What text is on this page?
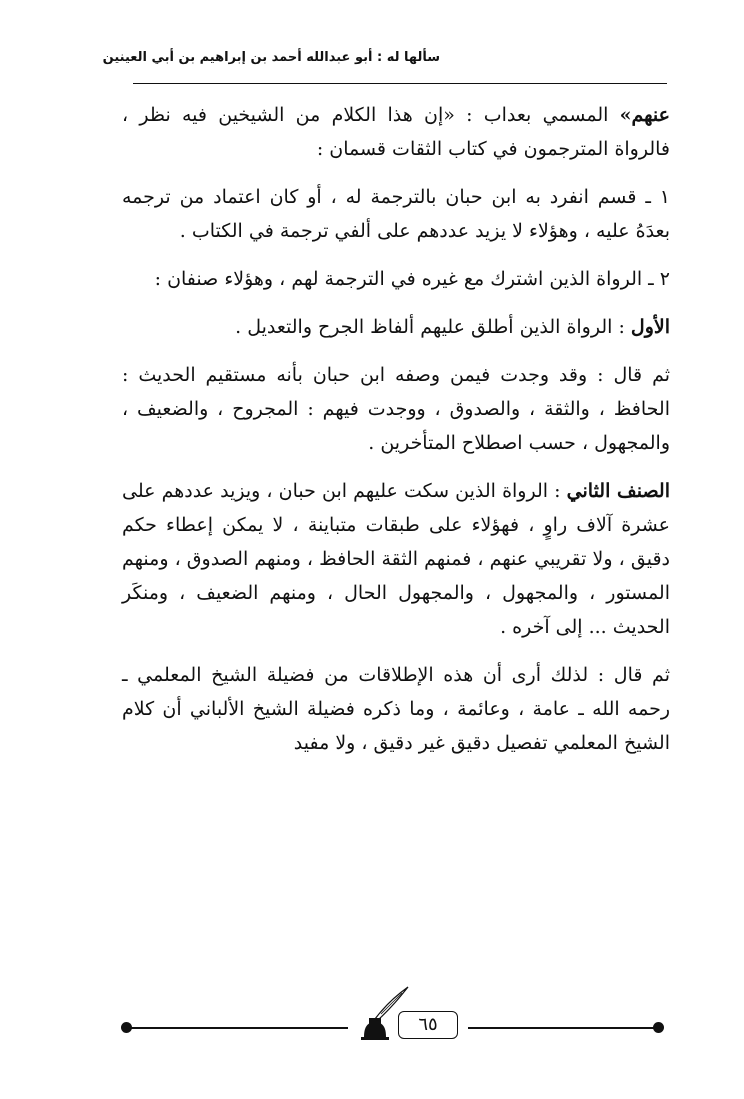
سألها له : أبو عبدالله أحمد بن إبراهيم بن أبي العينين

عنهم» المسمي بعداب : «إن هذا الكلام من الشيخين فيه نظر ، فالرواة المترجمون في كتاب الثقات قسمان :

١ ـ قسم انفرد به ابن حبان بالترجمة له ، أو كان اعتماد من ترجمه بعدَهُ عليه ، وهؤلاء لا يزيد عددهم على ألفي ترجمة في الكتاب .

٢ ـ الرواة الذين اشترك مع غيره في الترجمة لهم ، وهؤلاء صنفان :

الأول : الرواة الذين أطلق عليهم ألفاظ الجرح والتعديل .

ثم قال : وقد وجدت فيمن وصفه ابن حبان بأنه مستقيم الحديث : الحافظ ، والثقة ، والصدوق ، ووجدت فيهم : المجروح ، والضعيف ، والمجهول ، حسب اصطلاح المتأخرين .

الصنف الثاني : الرواة الذين سكت عليهم ابن حبان ، ويزيد عددهم على عشرة آلاف راوٍ ، فهؤلاء على طبقات متباينة ، لا يمكن إعطاء حكم دقيق ، ولا تقريبي عنهم ، فمنهم الثقة الحافظ ، ومنهم الصدوق ، ومنهم المستور ، والمجهول ، والمجهول الحال ، ومنهم الضعيف ، ومنكَر الحديث ... إلى آخره .

ثم قال : لذلك أرى أن هذه الإطلاقات من فضيلة الشيخ المعلمي ـ رحمه الله ـ عامة ، وعائمة ، وما ذكره فضيلة الشيخ الألباني أن كلام الشيخ المعلمي تفصيل دقيق غير دقيق ، ولا مفيد

٦٥
